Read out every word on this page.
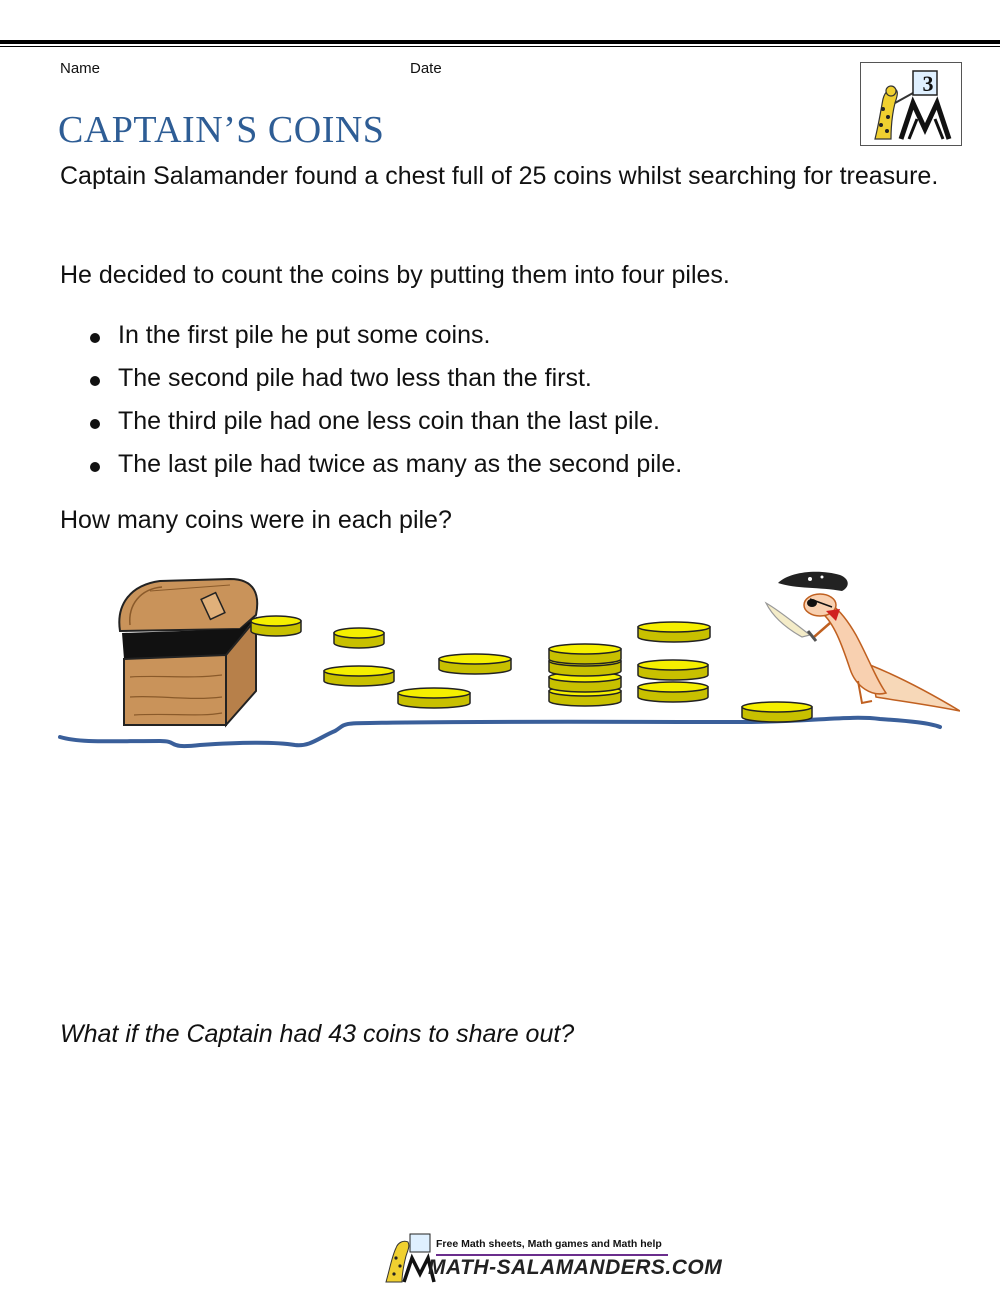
Name	Date
3
CAPTAIN’S COINS

Captain Salamander found a chest full of 25 coins whilst searching for treasure.

He decided to count the coins by putting them into four piles.

In the first pile he put some coins.
The second pile had two less than the first.
The third pile had one less coin than the last pile.
The last pile had twice as many as the second pile.

How many coins were in each pile?

What if the Captain had 43 coins to share out?

Free Math sheets, Math games and Math help
MATH-SALAMANDERS.COM
